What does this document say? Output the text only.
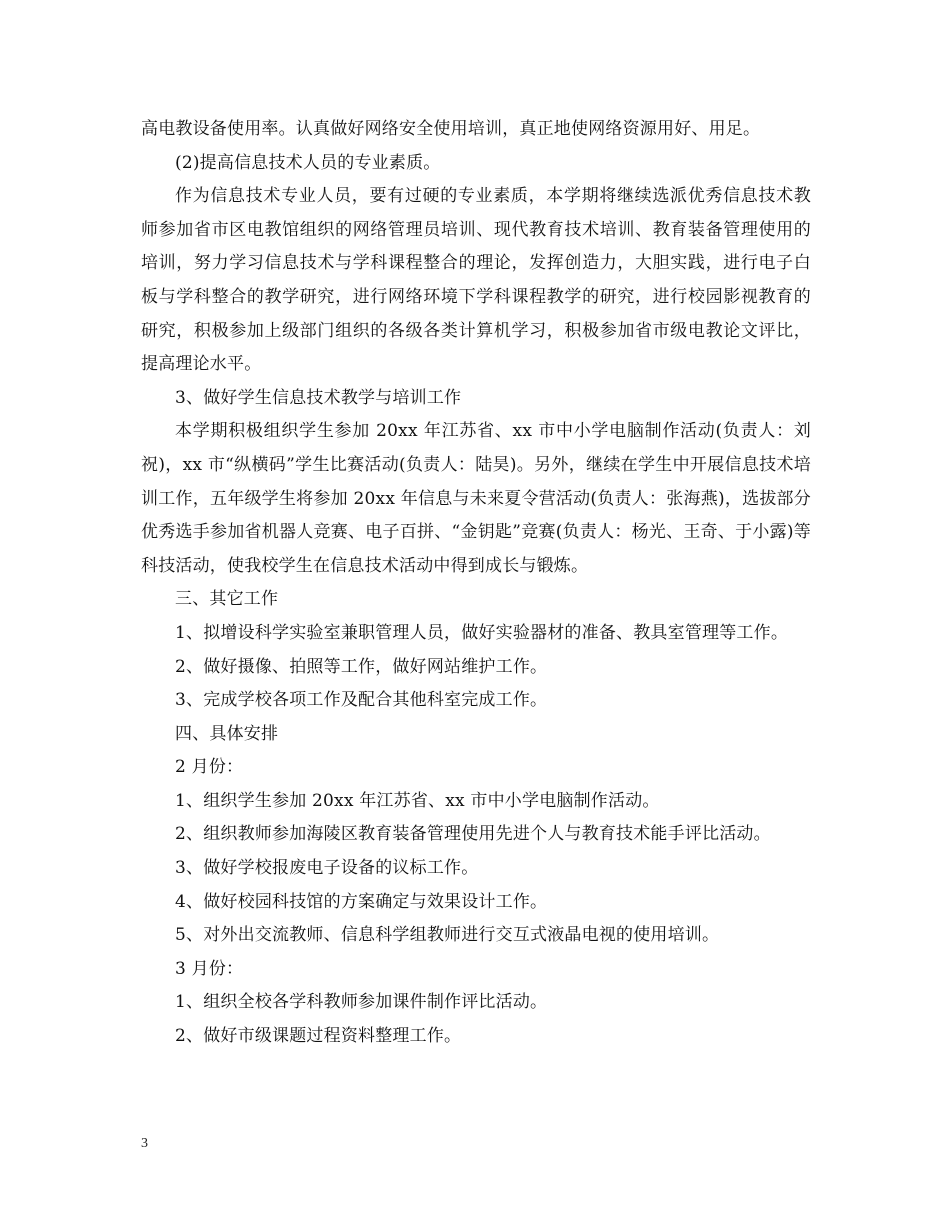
高电教设备使用率。认真做好网络安全使用培训，真正地使网络资源用好、用足。

(2)提高信息技术人员的专业素质。

作为信息技术专业人员，要有过硬的专业素质，本学期将继续选派优秀信息技术教师参加省市区电教馆组织的网络管理员培训、现代教育技术培训、教育装备管理使用的培训，努力学习信息技术与学科课程整合的理论，发挥创造力，大胆实践，进行电子白板与学科整合的教学研究，进行网络环境下学科课程教学的研究，进行校园影视教育的研究，积极参加上级部门组织的各级各类计算机学习，积极参加省市级电教论文评比，提高理论水平。

3、做好学生信息技术教学与培训工作

本学期积极组织学生参加 20xx 年江苏省、xx 市中小学电脑制作活动(负责人：刘祝)，xx 市“纵横码”学生比赛活动(负责人：陆昊)。另外，继续在学生中开展信息技术培训工作，五年级学生将参加 20xx 年信息与未来夏令营活动(负责人：张海燕)，选拔部分优秀选手参加省机器人竞赛、电子百拼、“金钥匙”竞赛(负责人：杨光、王奇、于小露)等科技活动，使我校学生在信息技术活动中得到成长与锻炼。

三、其它工作

1、拟增设科学实验室兼职管理人员，做好实验器材的准备、教具室管理等工作。

2、做好摄像、拍照等工作，做好网站维护工作。

3、完成学校各项工作及配合其他科室完成工作。

四、具体安排

2 月份：

1、组织学生参加 20xx 年江苏省、xx 市中小学电脑制作活动。

2、组织教师参加海陵区教育装备管理使用先进个人与教育技术能手评比活动。

3、做好学校报废电子设备的议标工作。

4、做好校园科技馆的方案确定与效果设计工作。

5、对外出交流教师、信息科学组教师进行交互式液晶电视的使用培训。

3 月份：

1、组织全校各学科教师参加课件制作评比活动。

2、做好市级课题过程资料整理工作。

3
